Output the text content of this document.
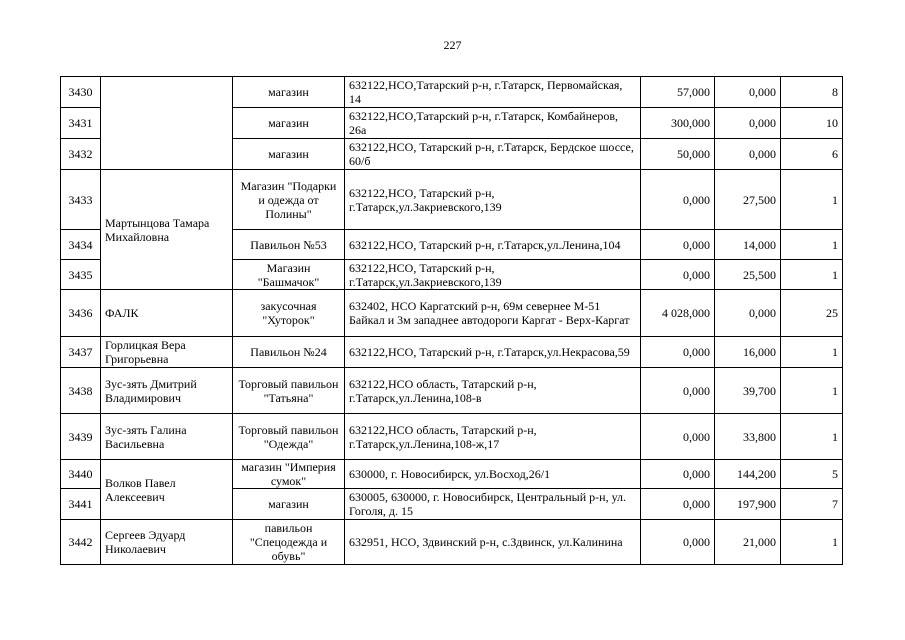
227
3430		магазин	632122,НСО,Татарский р-н, г.Татарск, Первомайская, 14	57,000	0,000	8
3431		магазин	632122,НСО,Татарский р-н, г.Татарск, Комбайнеров, 26а	300,000	0,000	10
3432		магазин	632122,НСО, Татарский р-н, г.Татарск, Бердское шоссе, 60/б	50,000	0,000	6
3433	Мартынцова Тамара Михайловна	Магазин "Подарки и одежда от Полины"	632122,НСО, Татарский р-н, г.Татарск,ул.Закриевского,139	0,000	27,500	1
3434		Павильон №53	632122,НСО, Татарский р-н, г.Татарск,ул.Ленина,104	0,000	14,000	1
3435		Магазин "Башмачок"	632122,НСО, Татарский р-н, г.Татарск,ул.Закриевского,139	0,000	25,500	1
3436	ФАЛК	закусочная "Хуторок"	632402, НСО Каргатский р-н, 69м севернее М-51 Байкал и 3м западнее автодороги Каргат - Верх-Каргат	4 028,000	0,000	25
3437	Горлицкая Вера Григорьевна	Павильон №24	632122,НСО, Татарский р-н, г.Татарск,ул.Некрасова,59	0,000	16,000	1
3438	Зус-зять Дмитрий Владимирович	Торговый павильон "Татьяна"	632122,НСО область, Татарский р-н, г.Татарск,ул.Ленина,108-в	0,000	39,700	1
3439	Зус-зять Галина Васильевна	Торговый павильон "Одежда"	632122,НСО область, Татарский р-н, г.Татарск,ул.Ленина,108-ж,17	0,000	33,800	1
3440	Волков Павел Алексеевич	магазин "Империя сумок"	630000, г. Новосибирск, ул.Восход,26/1	0,000	144,200	5
3441		магазин	630005, 630000, г. Новосибирск, Центральный р-н, ул. Гоголя, д. 15	0,000	197,900	7
3442	Сергеев Эдуард Николаевич	павильон "Спецодежда и обувь"	632951, НСО, Здвинский р-н, с.Здвинск, ул.Калинина	0,000	21,000	1
